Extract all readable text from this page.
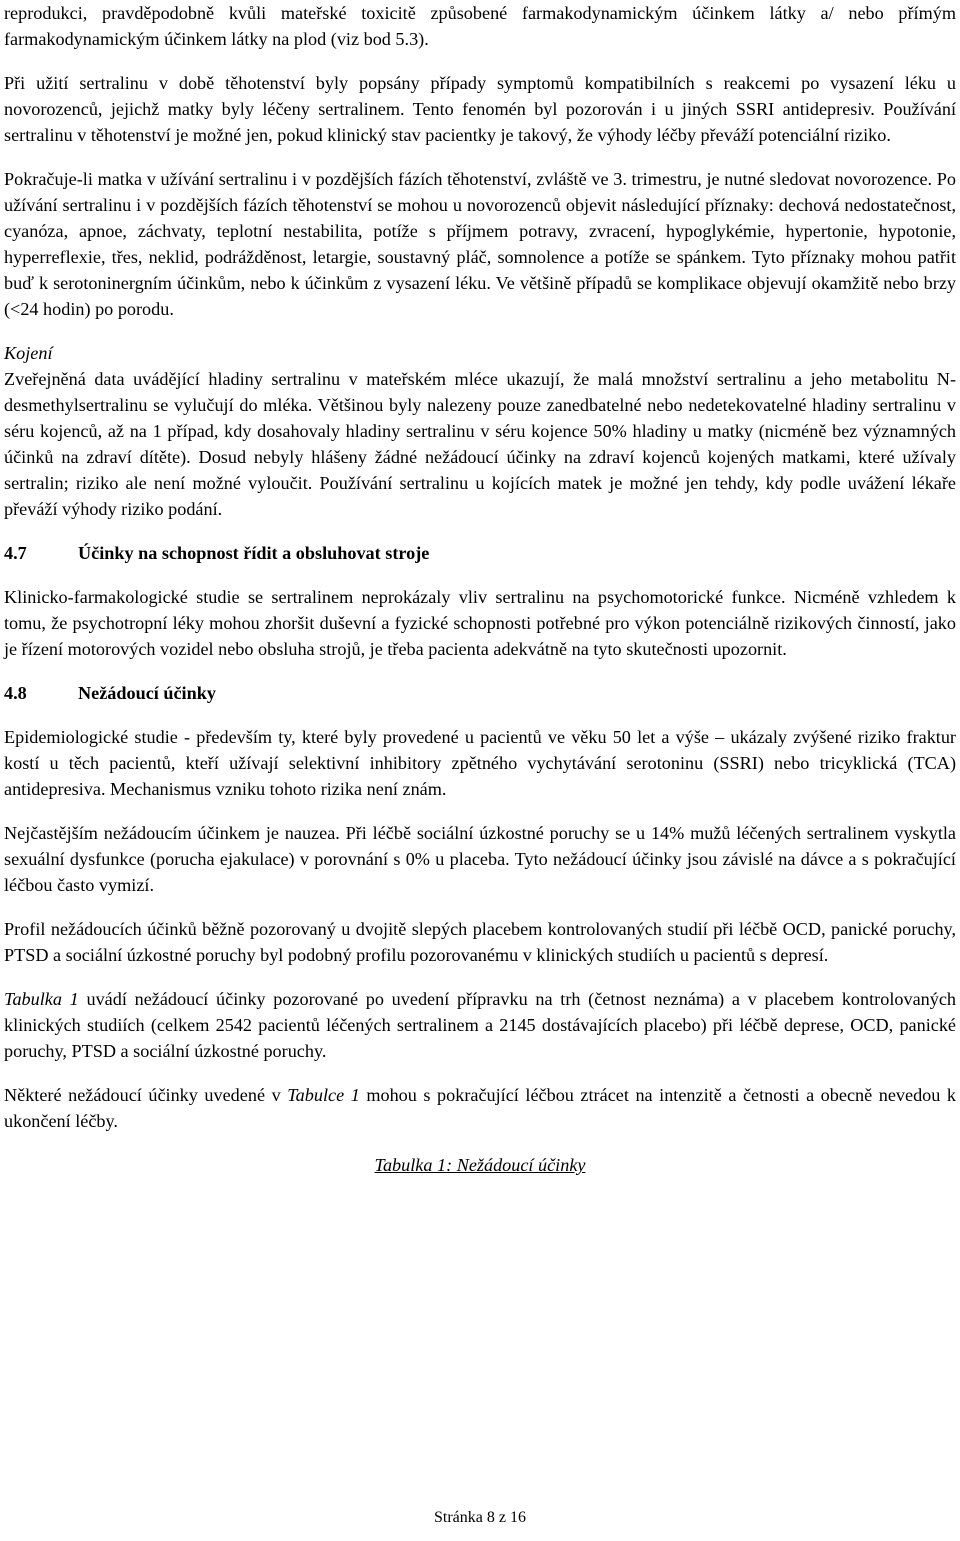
reprodukci, pravděpodobně kvůli mateřské toxicitě způsobené farmakodynamickým účinkem látky a/ nebo přímým farmakodynamickým účinkem látky na plod (viz bod 5.3).

Při užití sertralinu v době těhotenství byly popsány případy symptomů kompatibilních s reakcemi po vysazení léku u novorozenců, jejichž matky byly léčeny sertralinem. Tento fenomén byl pozorován i u jiných SSRI antidepresiv. Používání sertralinu v těhotenství je možné jen, pokud klinický stav pacientky je takový, že výhody léčby převáží potenciální riziko.

Pokračuje-li matka v užívání sertralinu i v pozdějších fázích těhotenství, zvláště ve 3. trimestru, je nutné sledovat novorozence. Po užívání sertralinu i v pozdějších fázích těhotenství se mohou u novorozenců objevit následující příznaky: dechová nedostatečnost, cyanóza, apnoe, záchvaty, teplotní nestabilita, potíže s příjmem potravy, zvracení, hypoglykémie, hypertonie, hypotonie, hyperreflexie, třes, neklid, podrážděnost, letargie, soustavný pláč, somnolence a potíže se spánkem. Tyto příznaky mohou patřit buď k serotoninergním účinkům, nebo k účinkům z vysazení léku. Ve většině případů se komplikace objevují okamžitě nebo brzy (<24 hodin) po porodu.

Kojení

Zveřejněná data uvádějící hladiny sertralinu v mateřském mléce ukazují, že malá množství sertralinu a jeho metabolitu N-desmethylsertralinu se vylučují do mléka. Většinou byly nalezeny pouze zanedbatelné nebo nedetekovatelné hladiny sertralinu v séru kojenců, až na 1 případ, kdy dosahovaly hladiny sertralinu v séru kojence 50% hladiny u matky (nicméně bez významných účinků na zdraví dítěte). Dosud nebyly hlášeny žádné nežádoucí účinky na zdraví kojenců kojených matkami, které užívaly sertralin; riziko ale není možné vyloučit. Používání sertralinu u kojících matek je možné jen tehdy, kdy podle uvážení lékaře převáží výhody riziko podání.

4.7	Účinky na schopnost řídit a obsluhovat stroje

Klinicko-farmakologické studie se sertralinem neprokázaly vliv sertralinu na psychomotorické funkce. Nicméně vzhledem k tomu, že psychotropní léky mohou zhoršit duševní a fyzické schopnosti potřebné pro výkon potenciálně rizikových činností, jako je řízení motorových vozidel nebo obsluha strojů, je třeba pacienta adekvátně na tyto skutečnosti upozornit.

4.8	Nežádoucí účinky

Epidemiologické studie - především ty, které byly provedené u pacientů ve věku 50 let a výše – ukázaly zvýšené riziko fraktur kostí u těch pacientů, kteří užívají selektivní inhibitory zpětného vychytávání serotoninu (SSRI) nebo tricyklická (TCA) antidepresiva. Mechanismus vzniku tohoto rizika není znám.

Nejčastějším nežádoucím účinkem je nauzea. Při léčbě sociální úzkostné poruchy se u 14% mužů léčených sertralinem vyskytla sexuální dysfunkce (porucha ejakulace) v porovnání s 0% u placeba. Tyto nežádoucí účinky jsou závislé na dávce a s pokračující léčbou často vymizí.

Profil nežádoucích účinků běžně pozorovaný u dvojitě slepých placebem kontrolovaných studií při léčbě OCD, panické poruchy, PTSD a sociální úzkostné poruchy byl podobný profilu pozorovanému v klinických studiích u pacientů s depresí.

Tabulka 1 uvádí nežádoucí účinky pozorované po uvedení přípravku na trh (četnost neznáma) a v placebem kontrolovaných klinických studiích (celkem 2542 pacientů léčených sertralinem a 2145 dostávajících placebo) při léčbě deprese, OCD, panické poruchy, PTSD a sociální úzkostné poruchy.

Některé nežádoucí účinky uvedené v Tabulce 1 mohou s pokračující léčbou ztrácet na intenzitě a četnosti a obecně nevedou k ukončení léčby.

Tabulka 1: Nežádoucí účinky

Stránka 8 z 16
